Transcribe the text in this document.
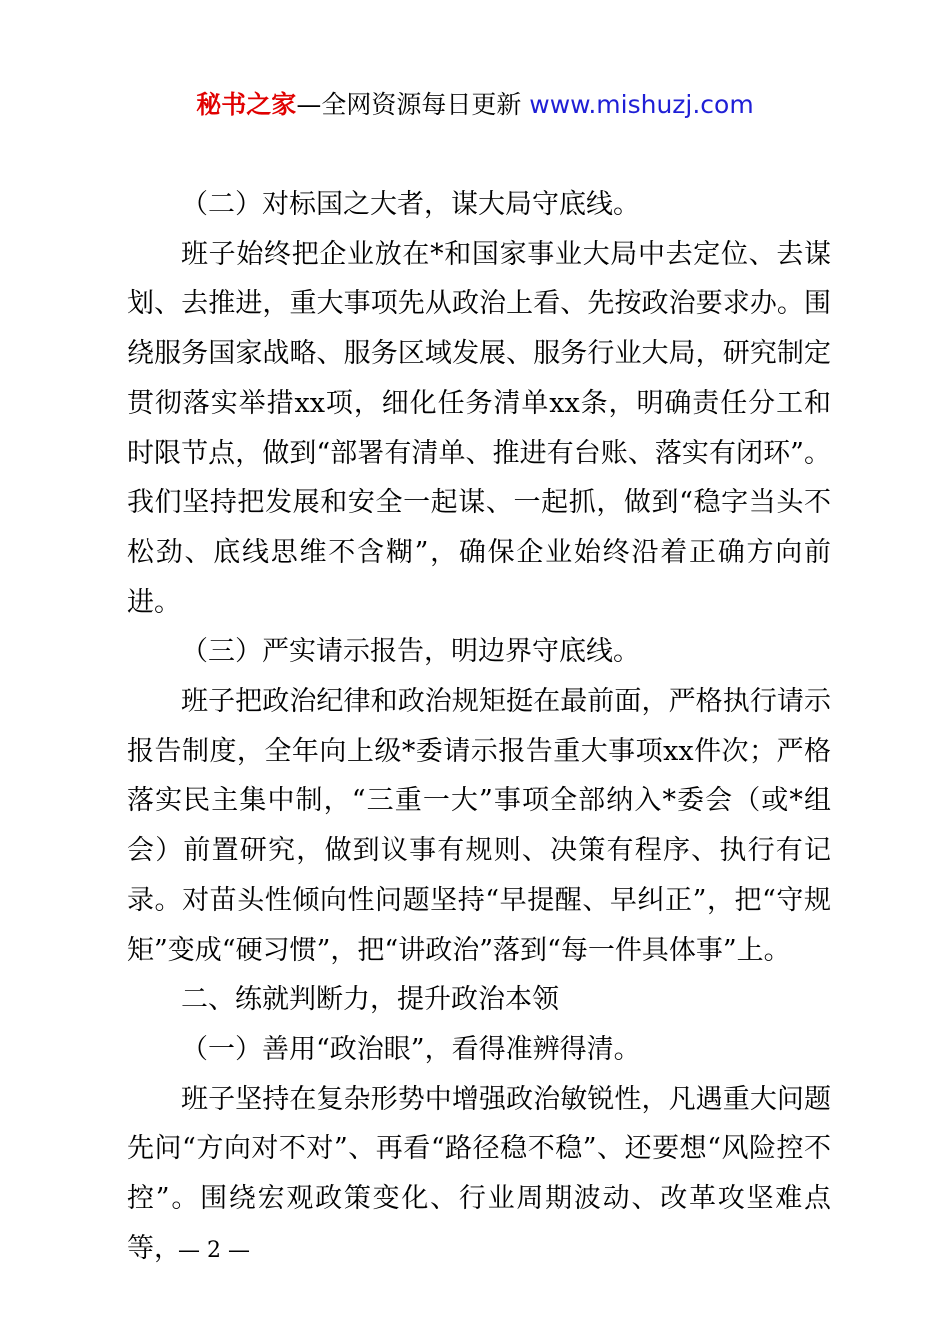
秘书之家—全网资源每日更新 www.mishuzj.com

（二）对标国之大者，谋大局守底线。

班子始终把企业放在*和国家事业大局中去定位、去谋划、去推进，重大事项先从政治上看、先按政治要求办。围绕服务国家战略、服务区域发展、服务行业大局，研究制定贯彻落实举措xx项，细化任务清单xx条，明确责任分工和时限节点，做到“部署有清单、推进有台账、落实有闭环”。我们坚持把发展和安全一起谋、一起抓，做到“稳字当头不松劲、底线思维不含糊”，确保企业始终沿着正确方向前进。

（三）严实请示报告，明边界守底线。

班子把政治纪律和政治规矩挺在最前面，严格执行请示报告制度，全年向上级*委请示报告重大事项xx件次；严格落实民主集中制，“三重一大”事项全部纳入*委会（或*组会）前置研究，做到议事有规则、决策有程序、执行有记录。对苗头性倾向性问题坚持“早提醒、早纠正”，把“守规矩”变成“硬习惯”，把“讲政治”落到“每一件具体事”上。

二、练就判断力，提升政治本领

（一）善用“政治眼”，看得准辨得清。

班子坚持在复杂形势中增强政治敏锐性，凡遇重大问题先问“方向对不对”、再看“路径稳不稳”、还要想“风险控不控”。围绕宏观政策变化、行业周期波动、改革攻坚难点等，

— 2 —
